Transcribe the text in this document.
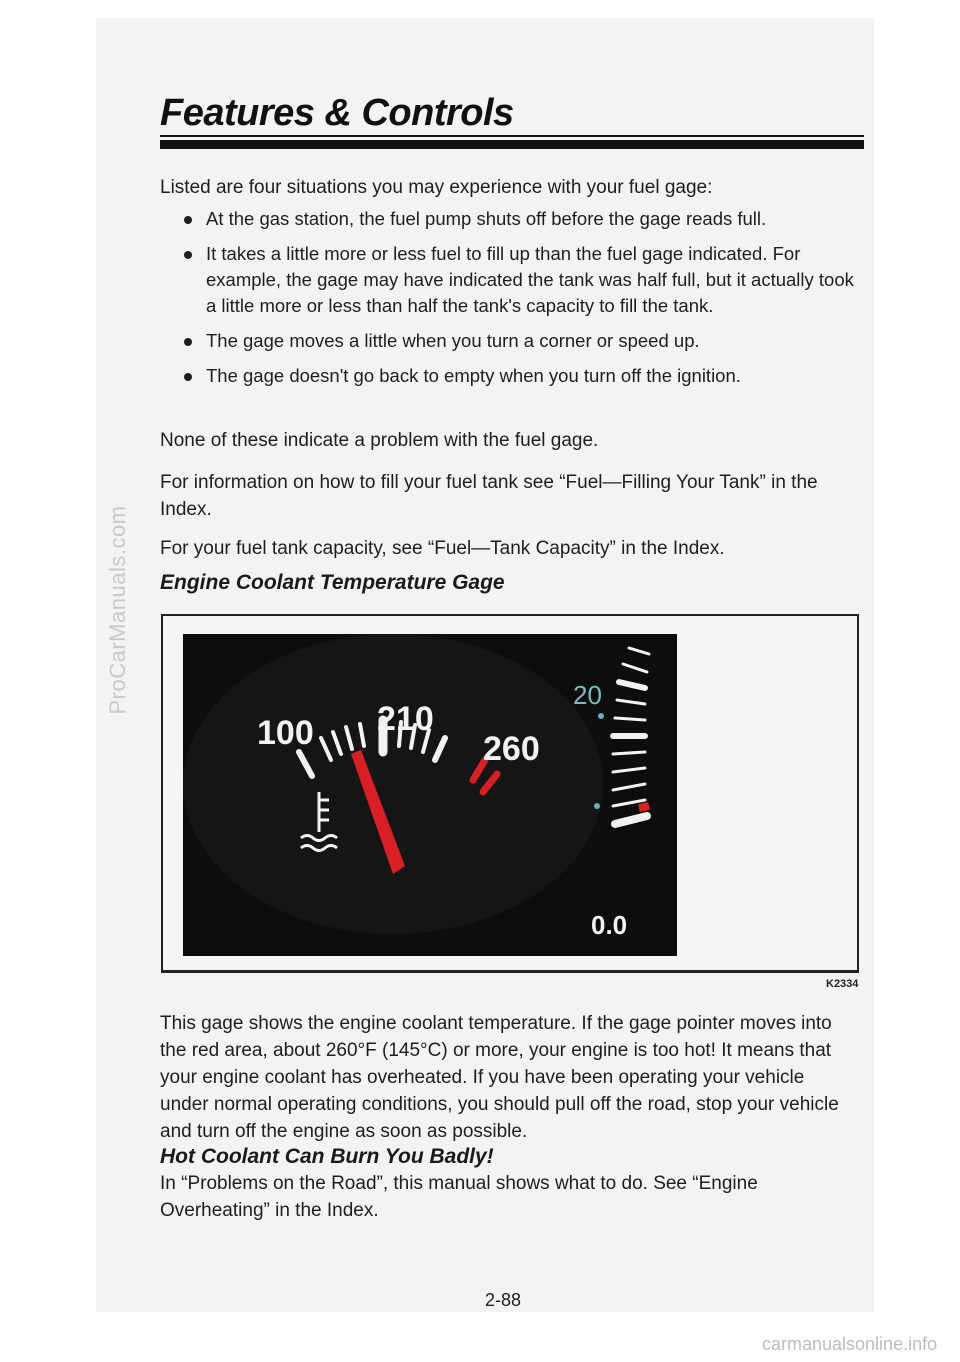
ProCarManuals.com
Features & Controls
Listed are four situations you may experience with your fuel gage:
At the gas station, the fuel pump shuts off before the gage reads full.
It takes a little more or less fuel to fill up than the fuel gage indicated. For example, the gage may have indicated the tank was half full, but it actually took a little more or less than half the tank's capacity to fill the tank.
The gage moves a little when you turn a corner or speed up.
The gage doesn't go back to empty when you turn off the ignition.
None of these indicate a problem with the fuel gage.
For information on how to fill your fuel tank see “Fuel—Filling Your Tank” in the Index.
For your fuel tank capacity, see “Fuel—Tank Capacity” in the Index.
Engine Coolant Temperature Gage
100 210
260
20
0.0

K2334

This gage shows the engine coolant temperature. If the gage pointer moves into the red area, about 260°F (145°C) or more, your engine is too hot! It means that your engine coolant has overheated. If you have been operating your vehicle under normal operating conditions, you should pull off the road, stop your vehicle and turn off the engine as soon as possible.
Hot Coolant Can Burn You Badly!
In “Problems on the Road”, this manual shows what to do. See “Engine Overheating” in the Index.
2-88

carmanualsonline.info
